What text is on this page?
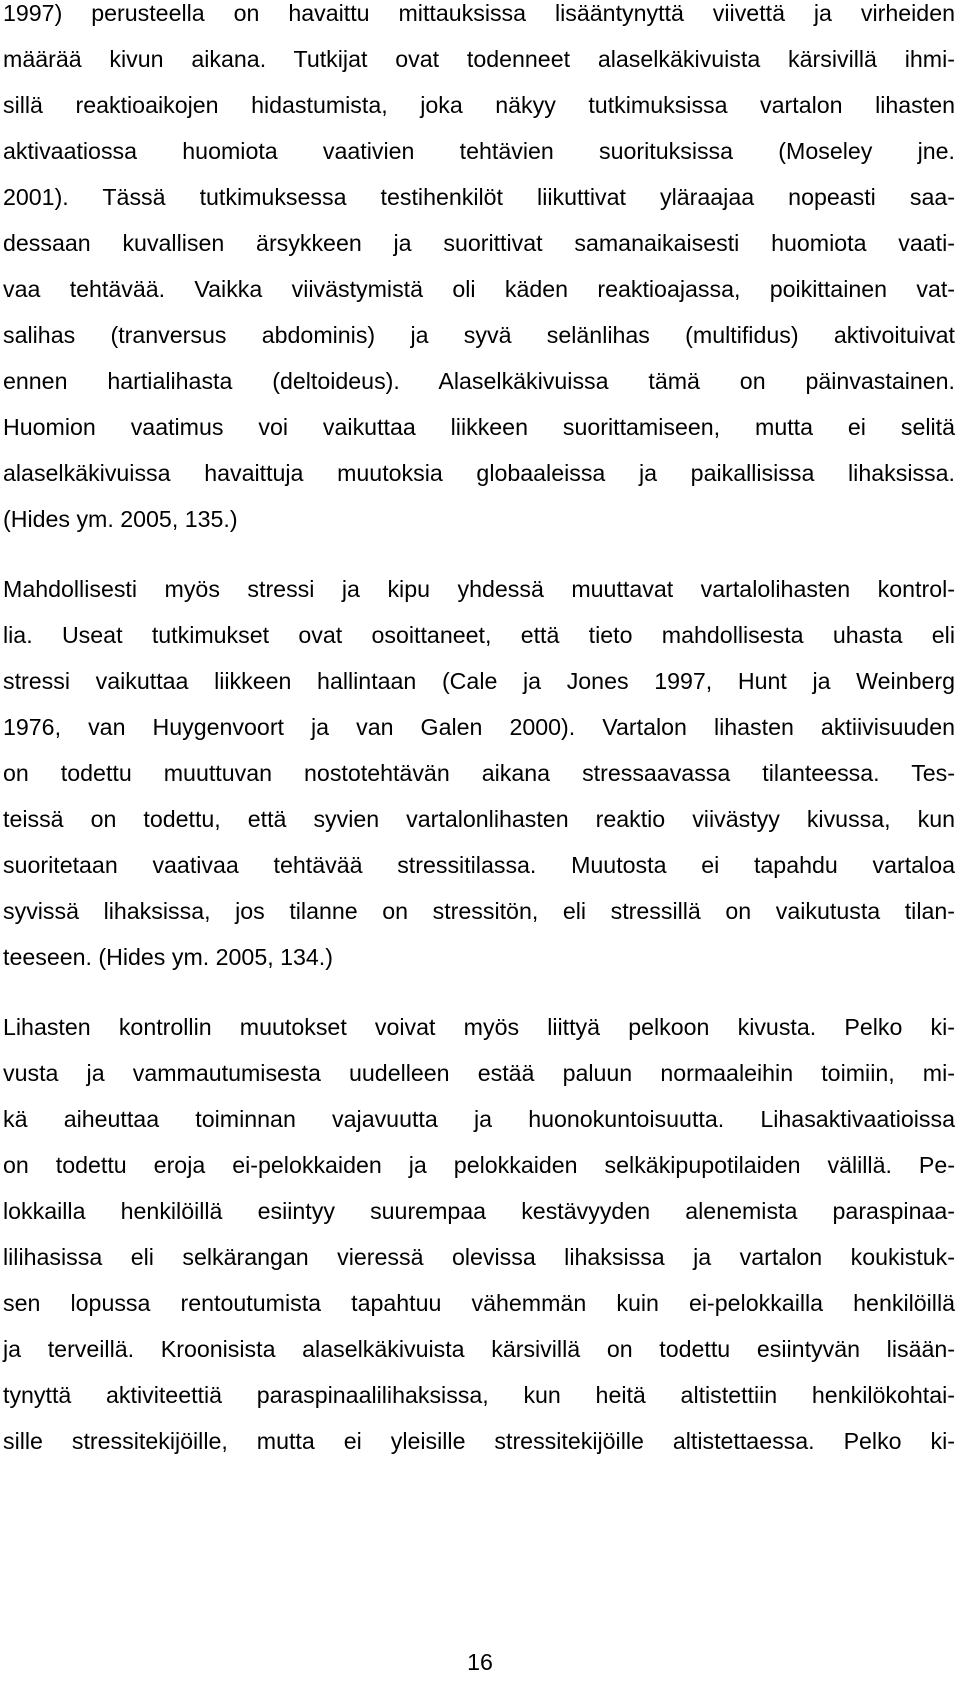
1997) perusteella on havaittu mittauksissa lisääntynyttä viivettä ja virheiden
määrää kivun aikana. Tutkijat ovat todenneet alaselkäkivuista kärsivillä ihmi-
sillä reaktioaikojen hidastumista, joka näkyy tutkimuksissa vartalon lihasten
aktivaatiossa huomiota vaativien tehtävien suorituksissa (Moseley jne.
2001). Tässä tutkimuksessa testihenkilöt liikuttivat yläraajaa nopeasti saa-
dessaan kuvallisen ärsykkeen ja suorittivat samanaikaisesti huomiota vaati-
vaa tehtävää. Vaikka viivästymistä oli käden reaktioajassa, poikittainen vat-
salihas (tranversus abdominis) ja syvä selänlihas (multifidus) aktivoituivat
ennen hartialihasta (deltoideus). Alaselkäkivuissa tämä on päinvastainen.
Huomion vaatimus voi vaikuttaa liikkeen suorittamiseen, mutta ei selitä
alaselkäkivuissa havaittuja muutoksia globaaleissa ja paikallisissa lihaksissa.
(Hides ym. 2005, 135.)
Mahdollisesti myös stressi ja kipu yhdessä muuttavat vartalolihasten kontrol-
lia. Useat tutkimukset ovat osoittaneet, että tieto mahdollisesta uhasta eli
stressi vaikuttaa liikkeen hallintaan (Cale ja Jones 1997, Hunt ja Weinberg
1976, van Huygenvoort ja van Galen 2000). Vartalon lihasten aktiivisuuden
on todettu muuttuvan nostotehtävän aikana stressaavassa tilanteessa. Tes-
teissä on todettu, että syvien vartalonlihasten reaktio viivästyy kivussa, kun
suoritetaan vaativaa tehtävää stressitilassa. Muutosta ei tapahdu vartaloa
syvissä lihaksissa, jos tilanne on stressitön, eli stressillä on vaikutusta tilan-
teeseen. (Hides ym. 2005, 134.)
Lihasten kontrollin muutokset voivat myös liittyä pelkoon kivusta. Pelko ki-
vusta ja vammautumisesta uudelleen estää paluun normaaleihin toimiin, mi-
kä aiheuttaa toiminnan vajavuutta ja huonokuntoisuutta. Lihasaktivaatioissa
on todettu eroja ei-pelokkaiden ja pelokkaiden selkäkipupotilaiden välillä. Pe-
lokkailla henkilöillä esiintyy suurempaa kestävyyden alenemista paraspinaa-
lilihasissa eli selkärangan vieressä olevissa lihaksissa ja vartalon koukistuk-
sen lopussa rentoutumista tapahtuu vähemmän kuin ei-pelokkailla henkilöillä
ja terveillä. Kroonisista alaselkäkivuista kärsivillä on todettu esiintyvän lisään-
tynyttä aktiviteettiä paraspinaalilihaksissa, kun heitä altistettiin henkilökohtai-
sille stressitekijöille, mutta ei yleisille stressitekijöille altistettaessa. Pelko ki-
16
